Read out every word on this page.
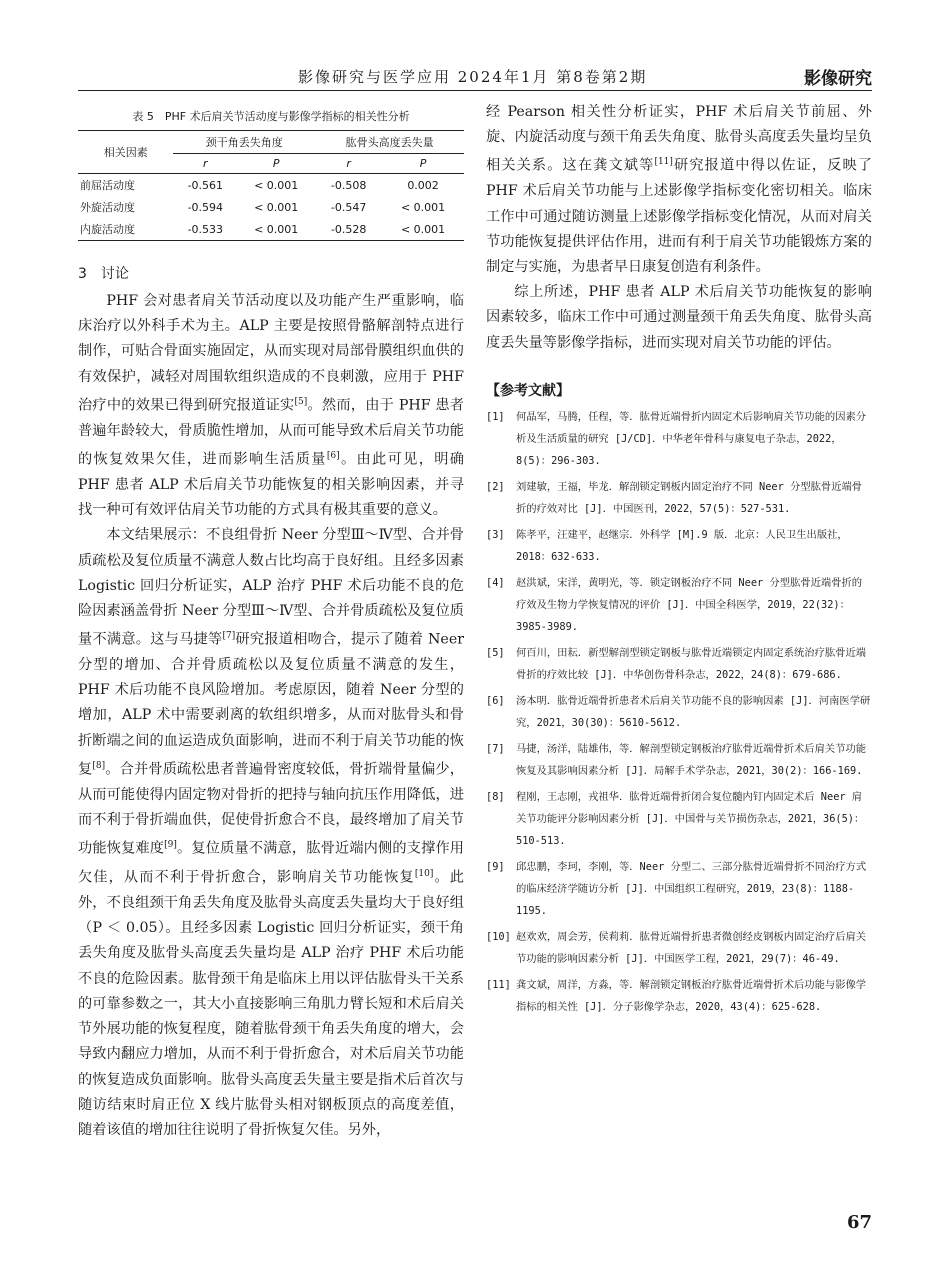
影像研究与医学应用 2024年1月 第8卷第2期	影像研究
表 5　PHF 术后肩关节活动度与影像学指标的相关性分析
相关因素	颈干角丢失角度		肱骨头高度丢失量	
	r	P	r	P
前屈活动度	-0.561	< 0.001	-0.508	0.002
外旋活动度	-0.594	< 0.001	-0.547	< 0.001
内旋活动度	-0.533	< 0.001	-0.528	< 0.001
3　讨论

PHF 会对患者肩关节活动度以及功能产生严重影响，临床治疗以外科手术为主。ALP 主要是按照骨骼解剖特点进行制作，可贴合骨面实施固定，从而实现对局部骨膜组织血供的有效保护，减轻对周围软组织造成的不良刺激，应用于 PHF 治疗中的效果已得到研究报道证实[5]。然而，由于 PHF 患者普遍年龄较大，骨质脆性增加，从而可能导致术后肩关节功能的恢复效果欠佳，进而影响生活质量[6]。由此可见，明确 PHF 患者 ALP 术后肩关节功能恢复的相关影响因素，并寻找一种可有效评估肩关节功能的方式具有极其重要的意义。

本文结果展示：不良组骨折 Neer 分型Ⅲ～Ⅳ型、合并骨质疏松及复位质量不满意人数占比均高于良好组。且经多因素 Logistic 回归分析证实，ALP 治疗 PHF 术后功能不良的危险因素涵盖骨折 Neer 分型Ⅲ～Ⅳ型、合并骨质疏松及复位质量不满意。这与马捷等[7]研究报道相吻合，提示了随着 Neer 分型的增加、合并骨质疏松以及复位质量不满意的发生，PHF 术后功能不良风险增加。考虑原因，随着 Neer 分型的增加，ALP 术中需要剥离的软组织增多，从而对肱骨头和骨折断端之间的血运造成负面影响，进而不利于肩关节功能的恢复[8]。合并骨质疏松患者普遍骨密度较低，骨折端骨量偏少，从而可能使得内固定物对骨折的把持与轴向抗压作用降低，进而不利于骨折端血供，促使骨折愈合不良，最终增加了肩关节功能恢复难度[9]。复位质量不满意，肱骨近端内侧的支撑作用欠佳，从而不利于骨折愈合，影响肩关节功能恢复[10]。此外，不良组颈干角丢失角度及肱骨头高度丢失量均大于良好组（P ＜ 0.05）。且经多因素 Logistic 回归分析证实，颈干角丢失角度及肱骨头高度丢失量均是 ALP 治疗 PHF 术后功能不良的危险因素。肱骨颈干角是临床上用以评估肱骨头干关系的可靠参数之一，其大小直接影响三角肌力臂长短和术后肩关节外展功能的恢复程度，随着肱骨颈干角丢失角度的增大，会导致内翻应力增加，从而不利于骨折愈合，对术后肩关节功能的恢复造成负面影响。肱骨头高度丢失量主要是指术后首次与随访结束时肩正位 X 线片肱骨头相对钢板顶点的高度差值，随着该值的增加往往说明了骨折恢复欠佳。另外，

经 Pearson 相关性分析证实，PHF 术后肩关节前屈、外旋、内旋活动度与颈干角丢失角度、肱骨头高度丢失量均呈负相关关系。这在龚文斌等[11]研究报道中得以佐证，反映了 PHF 术后肩关节功能与上述影像学指标变化密切相关。临床工作中可通过随访测量上述影像学指标变化情况，从而对肩关节功能恢复提供评估作用，进而有利于肩关节功能锻炼方案的制定与实施，为患者早日康复创造有利条件。

综上所述，PHF 患者 ALP 术后肩关节功能恢复的影响因素较多，临床工作中可通过测量颈干角丢失角度、肱骨头高度丢失量等影像学指标，进而实现对肩关节功能的评估。

【参考文献】
[1] 何晶军，马腾，任程，等．肱骨近端骨折内固定术后影响肩关节功能的因素分析及生活质量的研究 [J/CD]．中华老年骨科与康复电子杂志，2022，8(5)：296-303.
[2] 刘建敏，王福，毕龙．解剖锁定钢板内固定治疗不同 Neer 分型肱骨近端骨折的疗效对比 [J]．中国医刊，2022，57(5)：527-531.
[3] 陈孝平，汪建平，赵继宗．外科学 [M].9 版．北京：人民卫生出版社，2018：632-633.
[4] 赵洪斌，宋洋，黄明光，等．锁定钢板治疗不同 Neer 分型肱骨近端骨折的疗效及生物力学恢复情况的评价 [J]．中国全科医学，2019，22(32)：3985-3989.
[5] 何百川，田耘．新型解剖型锁定钢板与肱骨近端锁定内固定系统治疗肱骨近端骨折的疗效比较 [J]．中华创伤骨科杂志，2022，24(8)：679-686.
[6] 汤本明．肱骨近端骨折患者术后肩关节功能不良的影响因素 [J]．河南医学研究，2021，30(30)：5610-5612.
[7] 马捷，汤洋，陆雄伟，等．解剖型锁定钢板治疗肱骨近端骨折术后肩关节功能恢复及其影响因素分析 [J]．局解手术学杂志，2021，30(2)：166-169.
[8] 程刚，王志刚，戎祖华．肱骨近端骨折闭合复位髓内钉内固定术后 Neer 肩关节功能评分影响因素分析 [J]．中国骨与关节损伤杂志，2021，36(5)：510-513.
[9] 邱忠鹏，李珂，李刚，等．Neer 分型二、三部分肱骨近端骨折不同治疗方式的临床经济学随访分析 [J]．中国组织工程研究，2019，23(8)：1188-1195.
[10] 赵欢欢，周会芳，侯莉莉．肱骨近端骨折患者微创经皮钢板内固定治疗后肩关节功能的影响因素分析 [J]．中国医学工程，2021，29(7)：46-49.
[11] 龚文斌，周洋，方淼，等．解剖锁定钢板治疗肱骨近端骨折术后功能与影像学指标的相关性 [J]．分子影像学杂志，2020，43(4)：625-628.
67
